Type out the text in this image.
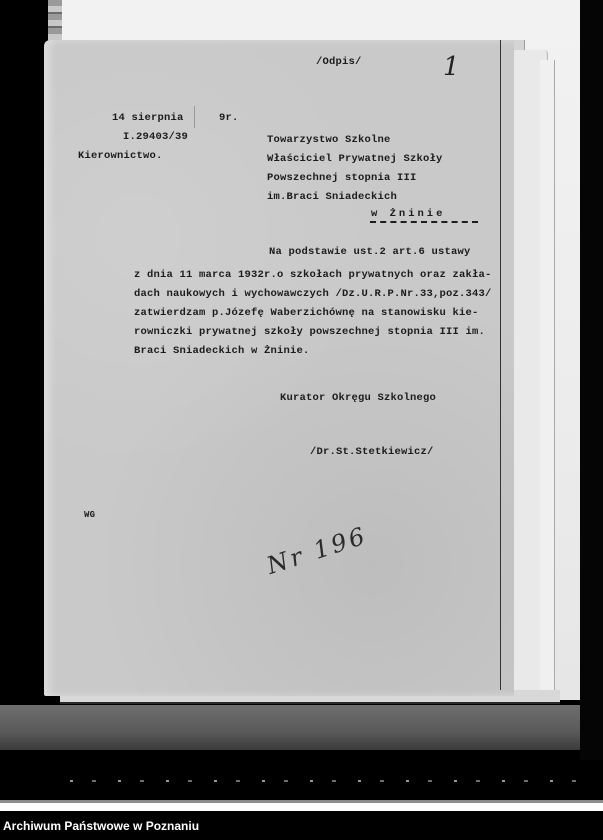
/Odpis/	1
14 sierpnia	9r.
I.29403/39
Kierownictwo.
Towarzystwo Szkolne
Właściciel Prywatnej Szkoły
Powszechnej stopnia III
im.Braci Sniadeckich
w Żninie
Na podstawie ust.2 art.6 ustawy
z dnia 11 marca 1932r.o szkołach prywatnych oraz zakła-
dach naukowych i wychowawczych /Dz.U.R.P.Nr.33,poz.343/
zatwierdzam p.Józefę Waberzichównę na stanowisku kie-
rowniczki prywatnej szkoły powszechnej stopnia III im.
Braci Sniadeckich w Żninie.
Kurator Okręgu Szkolnego
/Dr.St.Stetkiewicz/
WG
Nr 196
Archiwum Państwowe w Poznaniu
